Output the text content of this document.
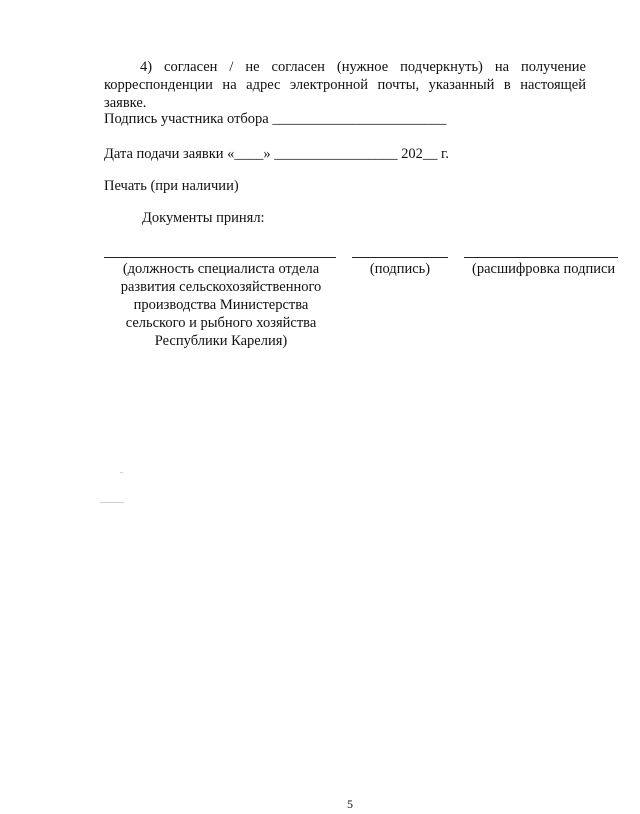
4) согласен / не согласен (нужное подчеркнуть) на получение корреспонденции на адрес электронной почты, указанный в настоящей заявке.
Подпись участника отбора ________________________
Дата подачи заявки «____» _________________ 202__ г.
Печать (при наличии)
Документы принял:
(должность специалиста отдела развития сельскохозяйственного производства Министерства сельского и рыбного хозяйства Республики Карелия)
(подпись)	(расшифровка подписи
5
